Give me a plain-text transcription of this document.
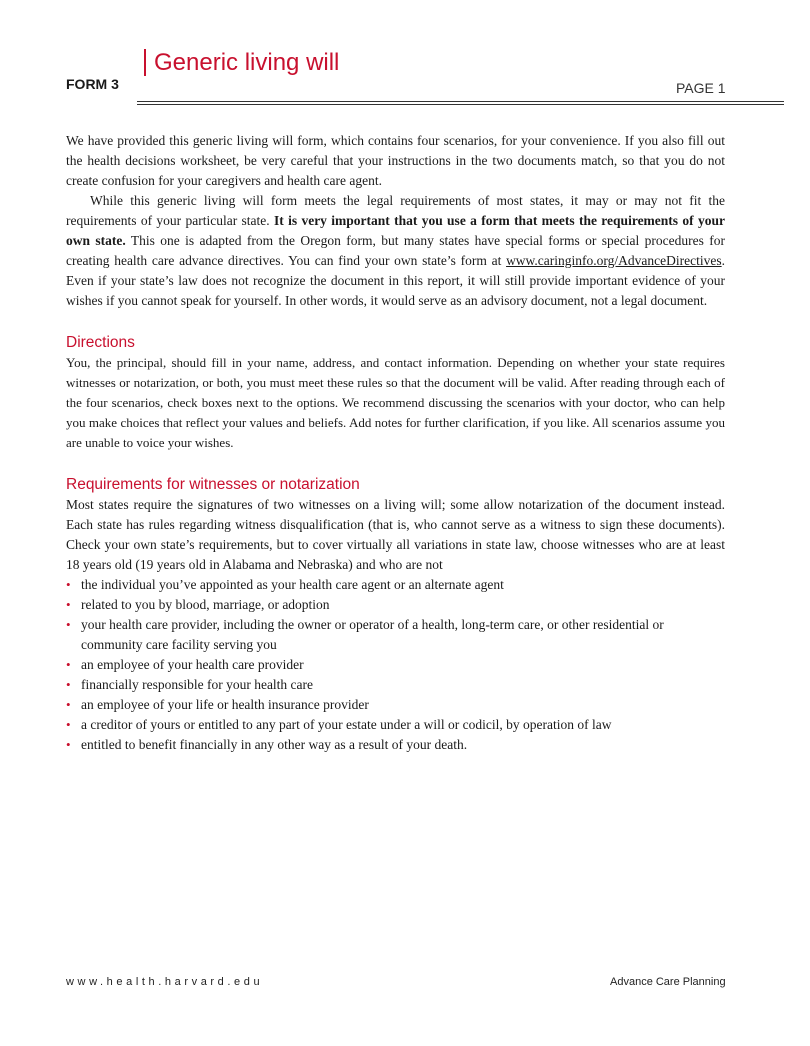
Generic living will
FORM 3	PAGE 1

We have provided this generic living will form, which contains four scenarios, for your convenience. If you also fill out the health decisions worksheet, be very careful that your instructions in the two documents match, so that you do not create confusion for your caregivers and health care agent.

While this generic living will form meets the legal requirements of most states, it may or may not fit the requirements of your particular state. It is very important that you use a form that meets the requirements of your own state. This one is adapted from the Oregon form, but many states have special forms or special procedures for creating health care advance directives. You can find your own state’s form at www.caringinfo.org/AdvanceDirectives. Even if your state’s law does not recognize the document in this report, it will still provide important evidence of your wishes if you cannot speak for yourself. In other words, it would serve as an advisory document, not a legal document.

Directions

You, the principal, should fill in your name, address, and contact information. Depending on whether your state requires witnesses or notarization, or both, you must meet these rules so that the document will be valid. After reading through each of the four scenarios, check boxes next to the options. We recommend discussing the scenarios with your doctor, who can help you make choices that reflect your values and beliefs. Add notes for further clarification, if you like. All scenarios assume you are unable to voice your wishes.

Requirements for witnesses or notarization

Most states require the signatures of two witnesses on a living will; some allow notarization of the document instead. Each state has rules regarding witness disqualification (that is, who cannot serve as a witness to sign these documents). Check your own state’s requirements, but to cover virtually all variations in state law, choose witnesses who are at least 18 years old (19 years old in Alabama and Nebraska) and who are not

• the individual you’ve appointed as your health care agent or an alternate agent
• related to you by blood, marriage, or adoption
• your health care provider, including the owner or operator of a health, long-term care, or other residential or community care facility serving you
• an employee of your health care provider
• financially responsible for your health care
• an employee of your life or health insurance provider
• a creditor of yours or entitled to any part of your estate under a will or codicil, by operation of law
• entitled to benefit financially in any other way as a result of your death.
www.health.harvard.edu	Advance Care Planning
